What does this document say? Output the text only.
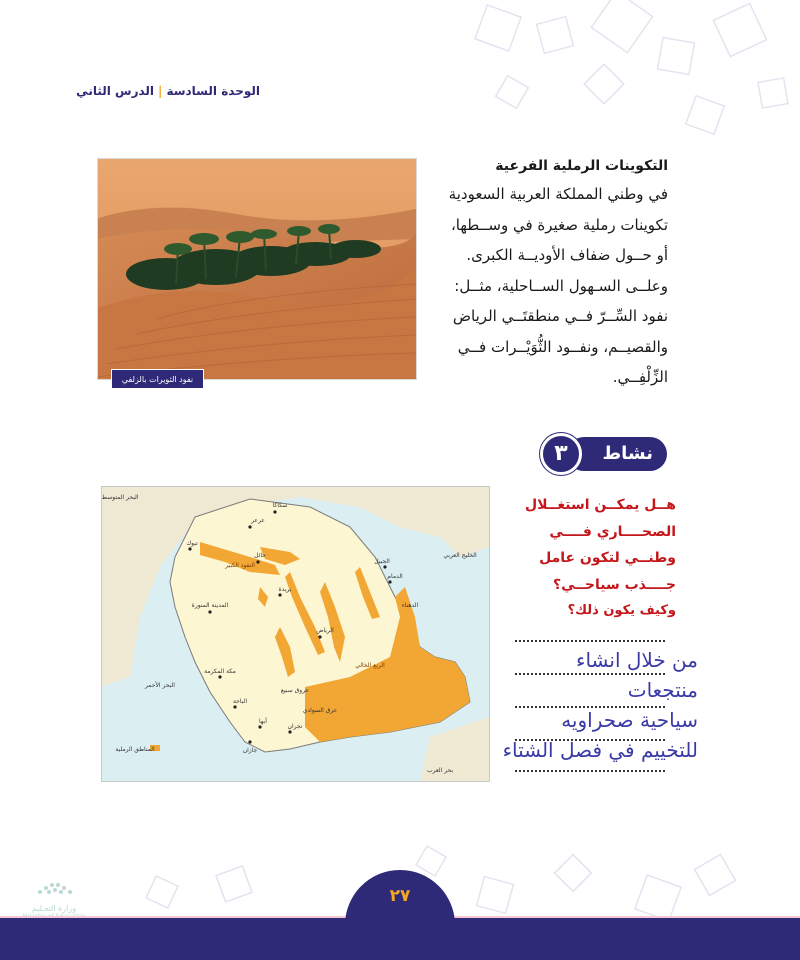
الوحدة السادسة|الدرس الثاني
نفود الثويرات بالزلفي
التكوينات الرملية الفرعية

في وطني المملكة العربية السعودية

تكوينات رملية صغيرة في وســطها،

أو حــول ضفاف الأوديــة الكبرى.

وعلــى السـهول الســاحلية، مثــل:

نفود السِّــرّ فــي منطقتَــي الرياض

والقصيــم، ونفــود الثُّوَيْــرات فــي

الزِّلْفِــي.

نشاط
٣
البحر المتوسط
البحر الأحمر
بحر العرب
الخليج العربي
النفود الكبير
الربع الخالي
الدهناء
عروق سبيع
عرق السوادي
عرعر
سكاكا
تبوك
حائل
بريدة
المدينة المنورة
الرياض
الدمام
الجبيل
مكة المكرمة
الباحة
أبها
جازان
نجران
المناطق الرملية
هــل يمكــن استغــلال
الصحــــاري فــــي
وطنــي لتكون عامل
جــــذب سياحــي؟
وكيف يكون ذلك؟
من خلال انشاء
منتجعات
سياحية صحراويه
للتخييم في فصل الشتاء
وزارة التعـليم
٢٧
